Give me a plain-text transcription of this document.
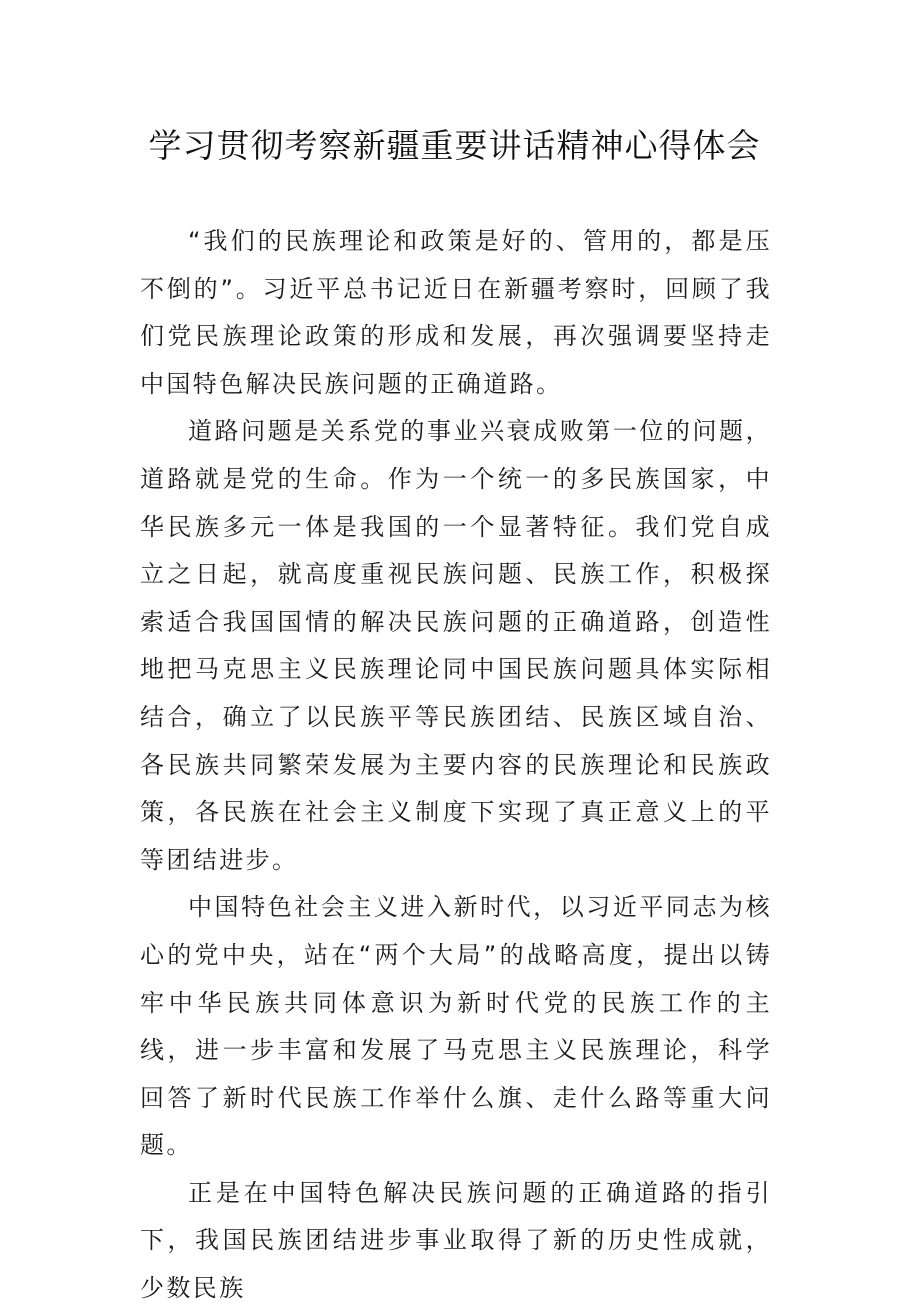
学习贯彻考察新疆重要讲话精神心得体会

“我们的民族理论和政策是好的、管用的，都是压不倒的”。习近平总书记近日在新疆考察时，回顾了我们党民族理论政策的形成和发展，再次强调要坚持走中国特色解决民族问题的正确道路。

道路问题是关系党的事业兴衰成败第一位的问题，道路就是党的生命。作为一个统一的多民族国家，中华民族多元一体是我国的一个显著特征。我们党自成立之日起，就高度重视民族问题、民族工作，积极探索适合我国国情的解决民族问题的正确道路，创造性地把马克思主义民族理论同中国民族问题具体实际相结合，确立了以民族平等民族团结、民族区域自治、各民族共同繁荣发展为主要内容的民族理论和民族政策，各民族在社会主义制度下实现了真正意义上的平等团结进步。

中国特色社会主义进入新时代，以习近平同志为核心的党中央，站在“两个大局”的战略高度，提出以铸牢中华民族共同体意识为新时代党的民族工作的主线，进一步丰富和发展了马克思主义民族理论，科学回答了新时代民族工作举什么旗、走什么路等重大问题。

正是在中国特色解决民族问题的正确道路的指引下，我国民族团结进步事业取得了新的历史性成就，少数民族
